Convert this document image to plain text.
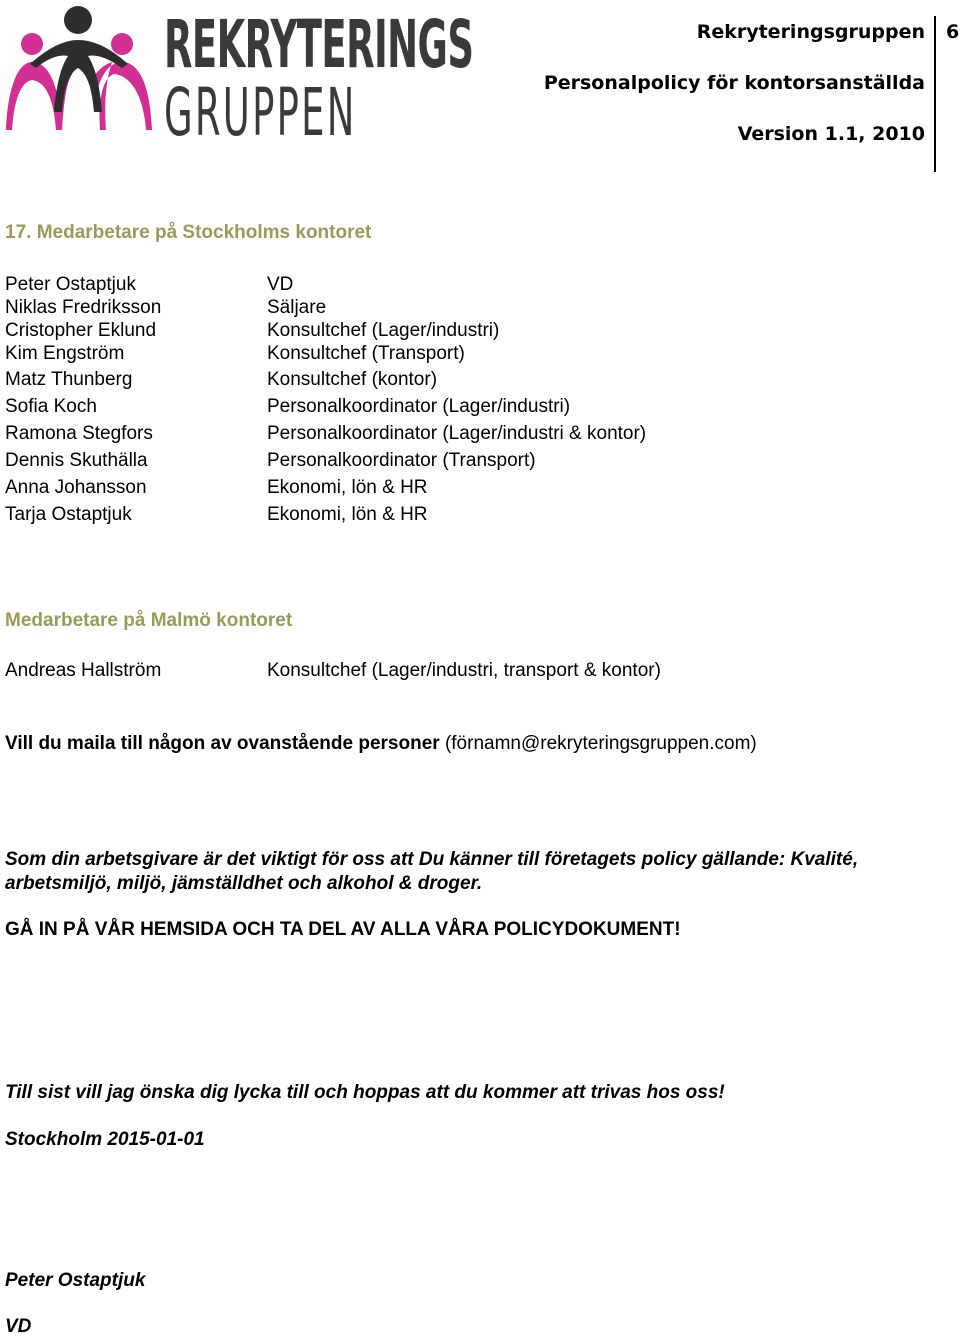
REKRYTERINGS
GRUPPEN
Rekryteringsgruppen
Personalpolicy för kontorsanställda
Version 1.1, 2010
6
17. Medarbetare på Stockholms kontoret
Peter Ostaptjuk	VD
Niklas Fredriksson	Säljare
Cristopher Eklund	Konsultchef (Lager/industri)
Kim Engström	Konsultchef (Transport)
Matz Thunberg	Konsultchef (kontor)
Sofia Koch	Personalkoordinator (Lager/industri)
Ramona Stegfors	Personalkoordinator (Lager/industri & kontor)
Dennis Skuthälla	Personalkoordinator (Transport)
Anna Johansson	Ekonomi, lön & HR
Tarja Ostaptjuk	Ekonomi, lön & HR
Medarbetare på Malmö kontoret
Andreas Hallström	Konsultchef (Lager/industri, transport & kontor)
Vill du maila till någon av ovanstående personer (förnamn@rekryteringsgruppen.com)
Som din arbetsgivare är det viktigt för oss att Du känner till företagets policy gällande: Kvalité,
arbetsmiljö, miljö, jämställdhet och alkohol & droger.
GÅ IN PÅ VÅR HEMSIDA OCH TA DEL AV ALLA VÅRA POLICYDOKUMENT!
Till sist vill jag önska dig lycka till och hoppas att du kommer att trivas hos oss!
Stockholm 2015-01-01
Peter Ostaptjuk
VD
